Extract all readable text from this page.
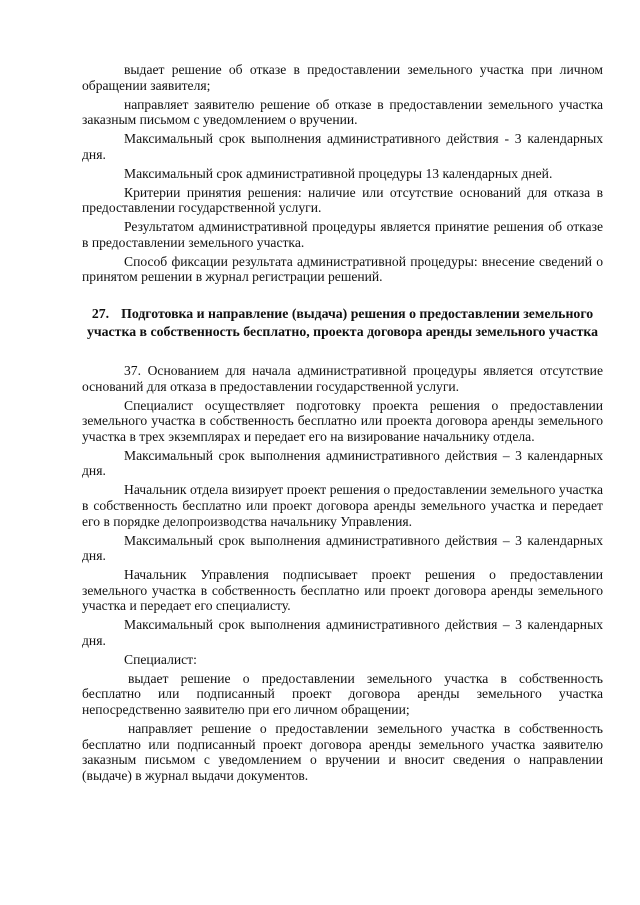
выдает решение об отказе в предоставлении земельного участка при личном обращении заявителя;

направляет заявителю решение об отказе в предоставлении земельного участка заказным письмом с уведомлением о вручении.

Максимальный срок выполнения административного действия - 3 календарных дня.

Максимальный срок административной процедуры 13 календарных дней.

Критерии принятия решения: наличие или отсутствие оснований для отказа в предоставлении государственной услуги.

Результатом административной процедуры является принятие решения об отказе в предоставлении земельного участка.

Способ фиксации результата административной процедуры: внесение сведений о принятом решении в журнал регистрации решений.

27. Подготовка и направление (выдача) решения о предоставлении земельного участка в собственность бесплатно, проекта договора аренды земельного участка

37. Основанием для начала административной процедуры является отсутствие оснований для отказа в предоставлении государственной услуги.

Специалист осуществляет подготовку проекта решения о предоставлении земельного участка в собственность бесплатно или проекта договора аренды земельного участка в трех экземплярах и передает его на визирование начальнику отдела.

Максимальный срок выполнения административного действия – 3 календарных дня.

Начальник отдела визирует проект решения о предоставлении земельного участка в собственность бесплатно или проект договора аренды земельного участка и передает его в порядке делопроизводства начальнику Управления.

Максимальный срок выполнения административного действия – 3 календарных дня.

Начальник Управления подписывает проект решения о предоставлении земельного участка в собственность бесплатно или проект договора аренды земельного участка и передает его специалисту.

Максимальный срок выполнения административного действия – 3 календарных дня.

Специалист:

выдает решение о предоставлении земельного участка в собственность бесплатно или подписанный проект договора аренды земельного участка непосредственно заявителю при его личном обращении;

направляет решение о предоставлении земельного участка в собственность бесплатно или подписанный проект договора аренды земельного участка заявителю заказным письмом с уведомлением о вручении и вносит сведения о направлении (выдаче) в журнал выдачи документов.
